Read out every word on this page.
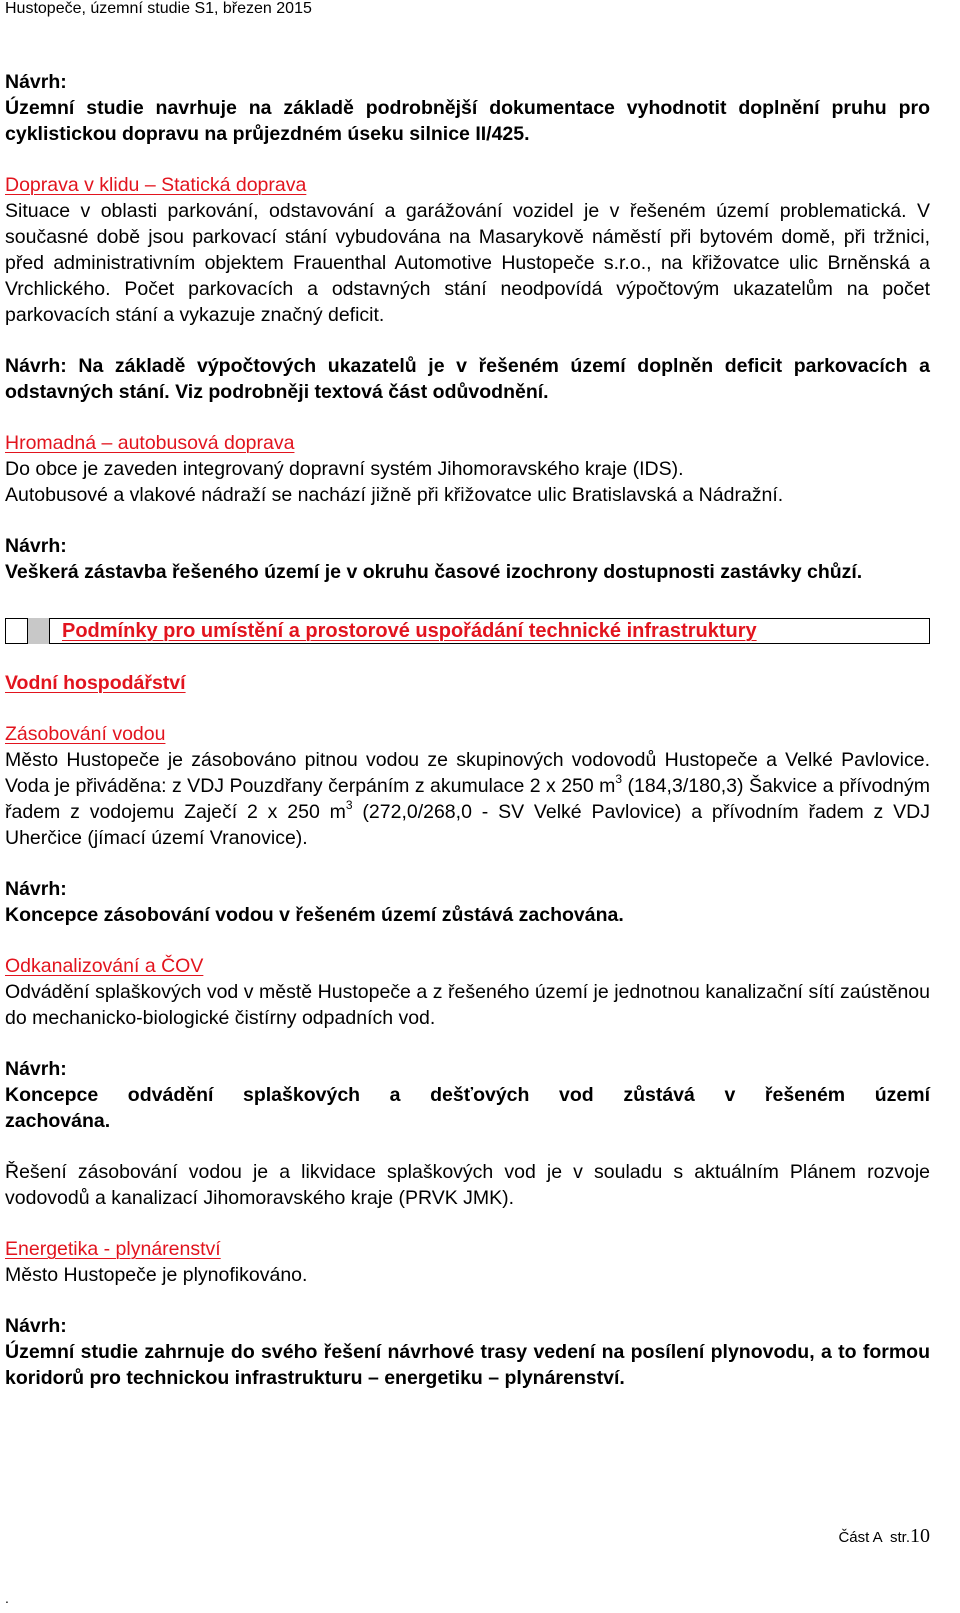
Hustopeče, územní studie S1, březen 2015

Návrh:

Územní studie navrhuje na základě podrobnější dokumentace vyhodnotit doplnění pruhu pro cyklistickou dopravu na průjezdném úseku silnice II/425.

Doprava v klidu – Statická doprava

Situace v oblasti parkování, odstavování a garážování vozidel je v řešeném území problematická. V současné době jsou parkovací stání vybudována na Masarykově náměstí při bytovém domě, při tržnici, před administrativním objektem Frauenthal Automotive Hustopeče s.r.o., na křižovatce ulic Brněnská a Vrchlického. Počet parkovacích a odstavných stání neodpovídá výpočtovým ukazatelům na počet parkovacích stání a vykazuje značný deficit.

Návrh: Na základě výpočtových ukazatelů je v řešeném území doplněn deficit parkovacích a odstavných stání. Viz podrobněji textová část odůvodnění.

Hromadná – autobusová doprava

Do obce je zaveden integrovaný dopravní systém Jihomoravského kraje (IDS).

Autobusové a vlakové nádraží se nachází jižně při křižovatce ulic Bratislavská a Nádražní.

Návrh:

Veškerá zástavba řešeného území je v okruhu časové izochrony dostupnosti zastávky chůzí.

Podmínky pro umístění a prostorové uspořádání technické infrastruktury

Vodní hospodářství

Zásobování vodou

Město Hustopeče je zásobováno pitnou vodou ze skupinových vodovodů Hustopeče a Velké Pavlovice. Voda je přiváděna: z VDJ Pouzdřany čerpáním z akumulace 2 x 250 $m^3$ (184,3/180,3) Šakvice a přívodným řadem z vodojemu Zaječí 2 x 250 $m^3$ (272,0/268,0 - SV Velké Pavlovice) a přívodním řadem z VDJ Uherčice (jímací území Vranovice).

Návrh:

Koncepce zásobování vodou v řešeném území zůstává zachována.

Odkanalizování a ČOV

Odvádění splaškových vod v městě Hustopeče a z řešeného území je jednotnou kanalizační sítí zaústěnou do mechanicko-biologické čistírny odpadních vod.

Návrh:

Koncepce odvádění splaškových a dešťových vod zůstává v řešeném území

zachována.

Řešení zásobování vodou je a likvidace splaškových vod je v souladu s aktuálním Plánem rozvoje vodovodů a kanalizací Jihomoravského kraje (PRVK JMK).

Energetika - plynárenství

Město Hustopeče je plynofikováno.

Návrh:

Územní studie zahrnuje do svého řešení návrhové trasy vedení na posílení plynovodu, a to formou koridorů pro technickou infrastrukturu – energetiku – plynárenství.

Část A str.10
.
